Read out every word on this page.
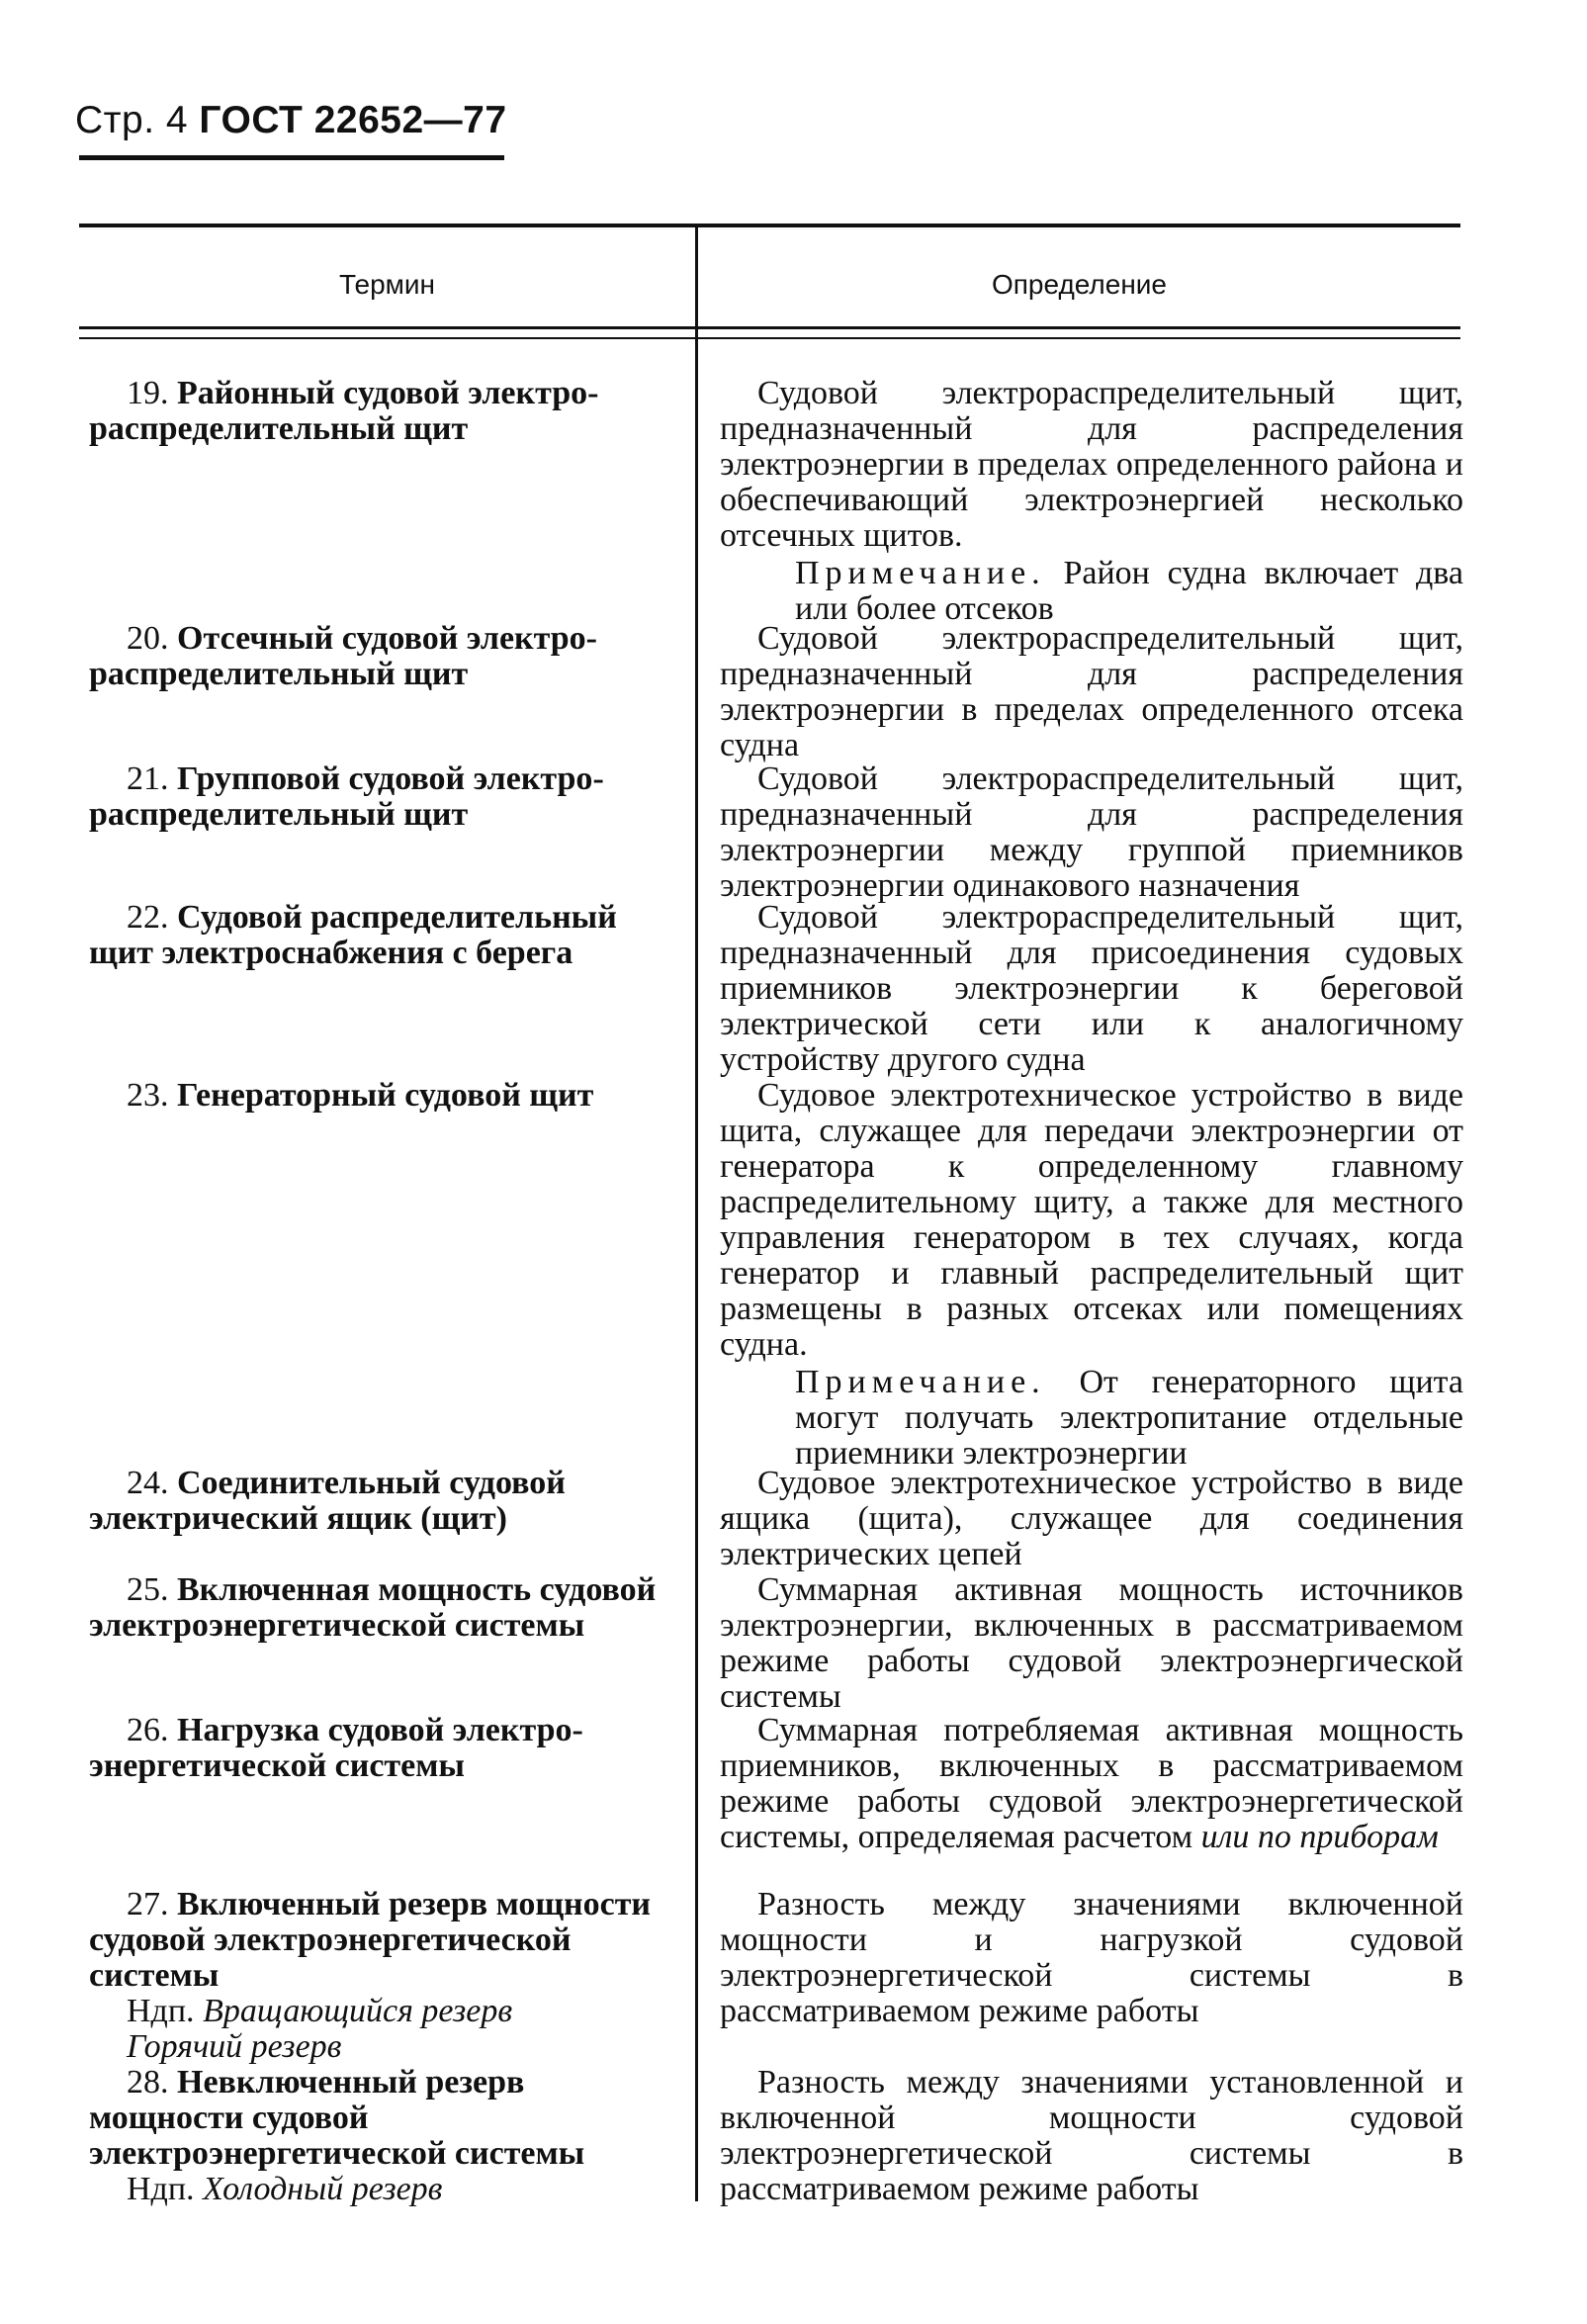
Стр. 4 ГОСТ 22652—77
Термин	Определение
19. Районный судовой электрораспределительный щит
Судовой электрораспределительный щит, предназначенный для распределения электроэнергии в пределах определенного района и обеспечивающий электроэнергией несколько отсечных щитов.
Примечание. Район судна включает два или более отсеков
20. Отсечный судовой электрораспределительный щит
Судовой электрораспределительный щит, предназначенный для распределения электроэнергии в пределах определенного отсека судна
21. Групповой судовой электрораспределительный щит
Судовой электрораспределительный щит, предназначенный для распределения электроэнергии между группой приемников электроэнергии одинакового назначения
22. Судовой распределительный щит электроснабжения с берега
Судовой электрораспределительный щит, предназначенный для присоединения судовых приемников электроэнергии к береговой электрической сети или к аналогичному устройству другого судна
23. Генераторный судовой щит	Судовое электротехническое устройство в виде щита, служащее для передачи электроэнергии от генератора к определенному главному распределительному щиту, а также для местного управления генератором в тех случаях, когда генератор и главный распределительный щит размещены в разных отсеках или помещениях судна.
Примечание. От генераторного щита могут получать электропитание отдельные приемники электроэнергии
24. Соединительный судовой электрический ящик (щит)
Судовое электротехническое устройство в виде ящика (щита), служащее для соединения электрических цепей
25. Включенная мощность судовой электроэнергетической системы
Суммарная активная мощность источников электроэнергии, включенных в рассматриваемом режиме работы судовой электроэнергической системы
26. Нагрузка судовой электроэнергетической системы
Суммарная потребляемая активная мощность приемников, включенных в рассматриваемом режиме работы судовой электроэнергетической системы, определяемая расчетом или по приборам
27. Включенный резерв мощности судовой электроэнергетической системы
Ндп. Вращающийся резерв
Горячий резерв
Разность между значениями включенной мощности и нагрузкой судовой электроэнергетической системы в рассматриваемом режиме работы
28. Невключенный резерв мощности судовой электроэнергетической системы
Ндп. Холодный резерв
Разность между значениями установленной и включенной мощности судовой электроэнергетической системы в рассматриваемом режиме работы
